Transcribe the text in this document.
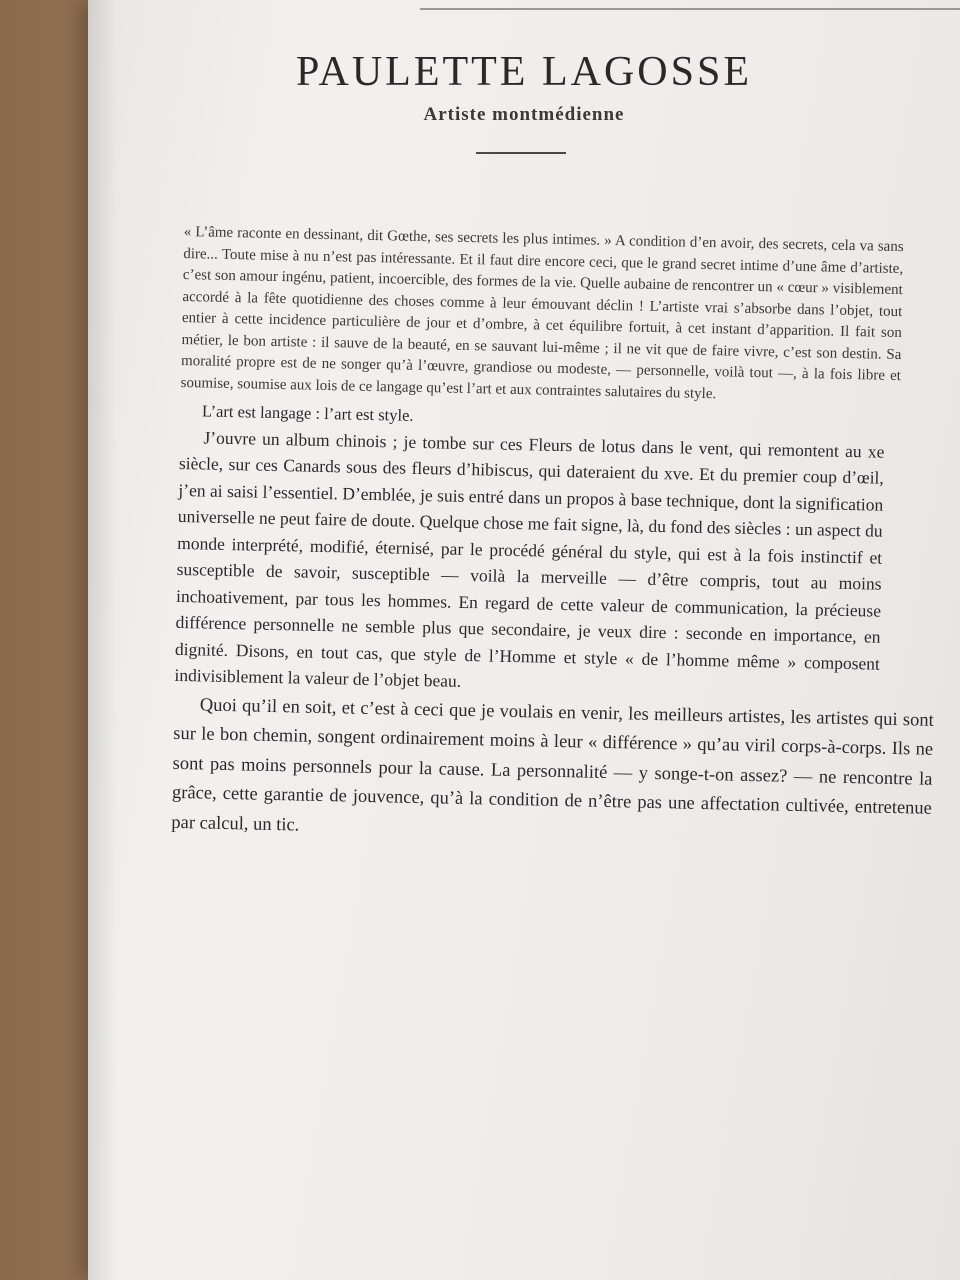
PAULETTE LAGOSSE
Artiste montmédienne

« L’âme raconte en dessinant, dit Gœthe, ses secrets les plus intimes. » A condition d’en avoir, des secrets, cela va sans dire... Toute mise à nu n’est pas intéressante. Et il faut dire encore ceci, que le grand secret intime d’une âme d’artiste, c’est son amour ingénu, patient, incoercible, des formes de la vie. Quelle aubaine de rencontrer un « cœur » visiblement accordé à la fête quotidienne des choses comme à leur émouvant déclin ! L’artiste vrai s’absorbe dans l’objet, tout entier à cette incidence particulière de jour et d’ombre, à cet équilibre fortuit, à cet instant d’apparition. Il fait son métier, le bon artiste : il sauve de la beauté, en se sauvant lui-même ; il ne vit que de faire vivre, c’est son destin. Sa moralité propre est de ne songer qu’à l’œuvre, grandiose ou modeste, — personnelle, voilà tout —, à la fois libre et soumise, soumise aux lois de ce langage qu’est l’art et aux contraintes salutaires du style.

L’art est langage : l’art est style.

J’ouvre un album chinois ; je tombe sur ces Fleurs de lotus dans le vent, qui remontent au xe siècle, sur ces Canards sous des fleurs d’hibiscus, qui dateraient du xve. Et du premier coup d’œil, j’en ai saisi l’essentiel. D’emblée, je suis entré dans un propos à base technique, dont la signification universelle ne peut faire de doute. Quelque chose me fait signe, là, du fond des siècles : un aspect du monde interprété, modifié, éternisé, par le procédé général du style, qui est à la fois instinctif et susceptible de savoir, susceptible — voilà la merveille — d’être compris, tout au moins inchoativement, par tous les hommes. En regard de cette valeur de communication, la précieuse différence personnelle ne semble plus que secondaire, je veux dire : seconde en importance, en dignité. Disons, en tout cas, que style de l’Homme et style « de l’homme même » composent indivisiblement la valeur de l’objet beau.

Quoi qu’il en soit, et c’est à ceci que je voulais en venir, les meilleurs artistes, les artistes qui sont sur le bon chemin, songent ordinairement moins à leur « différence » qu’au viril corps-à-corps. Ils ne sont pas moins personnels pour la cause. La personnalité — y songe-t-on assez? — ne rencontre la grâce, cette garantie de jouvence, qu’à la condition de n’être pas une affectation cultivée, entretenue par calcul, un tic.
